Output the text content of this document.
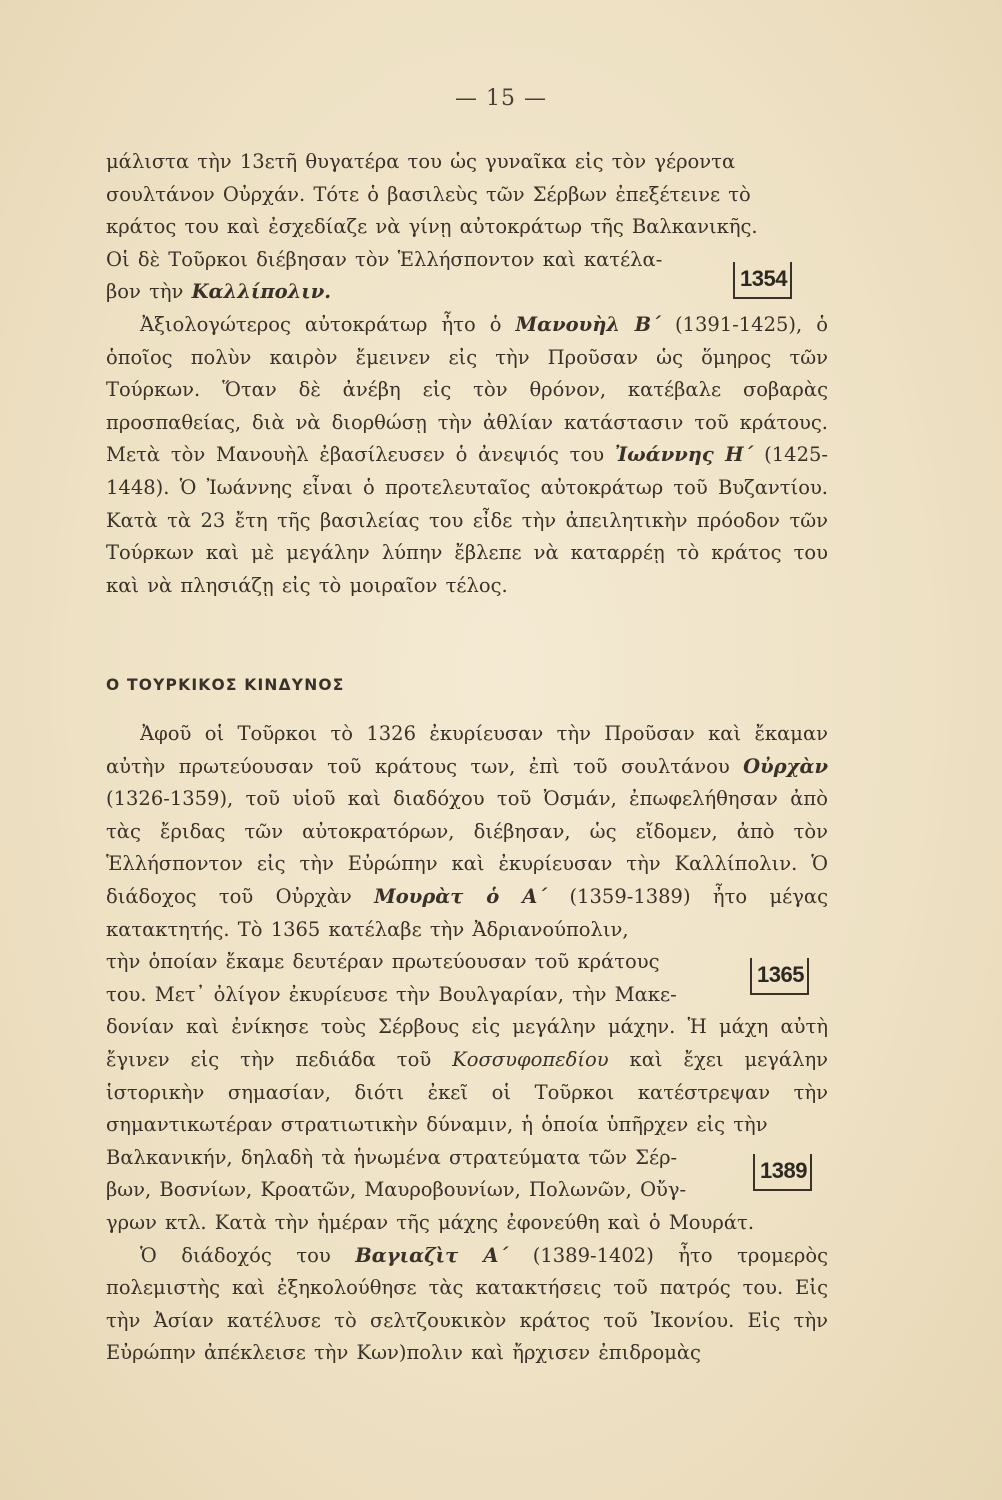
— 15 —
μάλιστα τὴν 13ετῆ θυγατέρα του ὡς γυναῖκα εἰς τὸν γέροντα
σουλτάνον Οὐρχάν. Τότε ὁ βασιλεὺς τῶν Σέρβων ἐπεξέτεινε τὸ
κράτος του καὶ ἐσχεδίαζε νὰ γίνῃ αὐτοκράτωρ τῆς Βαλκανικῆς.
Οἱ δὲ Τοῦρκοι διέβησαν τὸν Ἑλλήσποντον καὶ κατέλα-
βον τὴν Καλλίπολιν.
1354

Ἀξιολογώτερος αὐτοκράτωρ ἦτο ὁ Μανουὴλ Β΄ (1391-1425), ὁ ὁποῖος πολὺν καιρὸν ἔμεινεν εἰς τὴν Προῦσαν ὡς ὅμηρος τῶν Τούρκων. Ὅταν δὲ ἀνέβη εἰς τὸν θρόνον, κατέβαλε σοβαρὰς προσπαθείας, διὰ νὰ διορθώσῃ τὴν ἀθλίαν κατάστασιν τοῦ κράτους. Μετὰ τὸν Μανουὴλ ἐβασίλευσεν ὁ ἀνεψιός του Ἰωάννης Η΄ (1425-1448). Ὁ Ἰωάννης εἶναι ὁ προτελευταῖος αὐτοκράτωρ τοῦ Βυζαντίου. Κατὰ τὰ 23 ἔτη τῆς βασιλείας του εἶδε τὴν ἀπειλητικὴν πρόοδον τῶν Τούρκων καὶ μὲ μεγάλην λύπην ἔβλεπε νὰ καταρρέῃ τὸ κράτος του καὶ νὰ πλησιάζῃ εἰς τὸ μοιραῖον τέλος.

Ο ΤΟΥΡΚΙΚΟΣ ΚΙΝΔΥΝΟΣ

Ἀφοῦ οἱ Τοῦρκοι τὸ 1326 ἐκυρίευσαν τὴν Προῦσαν καὶ ἔκαμαν αὐτὴν πρωτεύουσαν τοῦ κράτους των, ἐπὶ τοῦ σουλτάνου Οὐρχὰν (1326-1359), τοῦ υἱοῦ καὶ διαδόχου τοῦ Ὀσμάν, ἐπωφελήθησαν ἀπὸ τὰς ἔριδας τῶν αὐτοκρατόρων, διέβησαν, ὡς εἴδομεν, ἀπὸ τὸν Ἑλλήσποντον εἰς τὴν Εὐρώπην καὶ ἐκυρίευσαν τὴν Καλλίπολιν. Ὁ διάδοχος τοῦ Οὐρχὰν Μουρὰτ ὁ Α΄ (1359-1389) ἦτο μέγας κατακτητής. Τὸ 1365 κατέλαβε τὴν Ἀδριανούπολιν,

τὴν ὁποίαν ἔκαμε δευτέραν πρωτεύουσαν τοῦ κράτους
του. Μετ᾽ ὀλίγον ἐκυρίευσε τὴν Βουλγαρίαν, τὴν Μακε-

δονίαν καὶ ἐνίκησε τοὺς Σέρβους εἰς μεγάλην μάχην. Ἡ μάχη αὐτὴ ἔγινεν εἰς τὴν πεδιάδα τοῦ Κοσσυφοπεδίου καὶ ἔχει μεγάλην ἱστορικὴν σημασίαν, διότι ἐκεῖ οἱ Τοῦρκοι κατέστρεψαν τὴν σημαντικωτέραν στρατιωτικὴν δύναμιν, ἡ ὁποία ὑπῆρχεν εἰς τὴν

Βαλκανικήν, δηλαδὴ τὰ ἡνωμένα στρατεύματα τῶν Σέρ-
βων, Βοσνίων, Κροατῶν, Μαυροβουνίων, Πολωνῶν, Οὔγ-

γρων κτλ. Κατὰ τὴν ἡμέραν τῆς μάχης ἐφονεύθη καὶ ὁ Μουράτ.

Ὁ διάδοχός του Βαγιαζὶτ Α΄ (1389-1402) ἦτο τρομερὸς πολεμιστὴς καὶ ἐξηκολούθησε τὰς κατακτήσεις τοῦ πατρός του. Εἰς τὴν Ἀσίαν κατέλυσε τὸ σελτζουκικὸν κράτος τοῦ Ἰκονίου. Εἰς τὴν Εὐρώπην ἀπέκλεισε τὴν Κων)πολιν καὶ ἤρχισεν ἐπιδρομὰς

1365
1389
